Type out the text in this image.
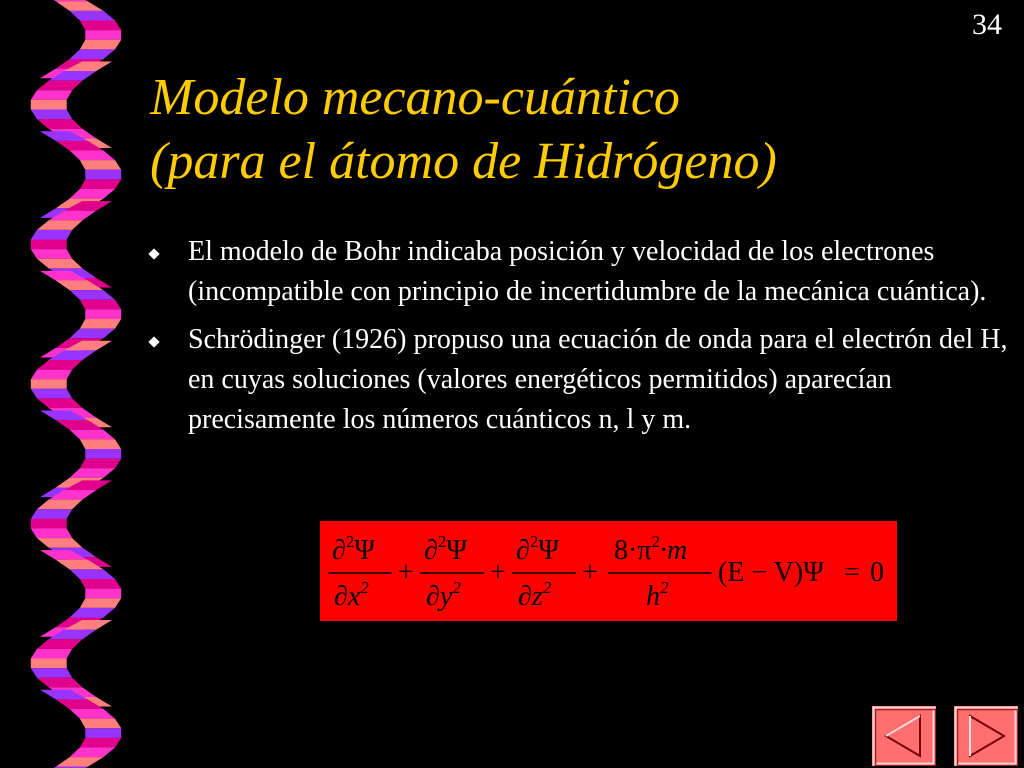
34
Modelo mecano-cuántico
(para el átomo de Hidrógeno)
El modelo de Bohr indicaba posición y velocidad de los electrones (incompatible con principio de incertidumbre de la mecánica cuántica).
Schrödinger (1926) propuso una ecuación de onda para el electrón del H, en cuyas soluciones (valores energéticos permitidos) aparecían precisamente los números cuánticos n, l y m.
∂$^2$Ψ
$\partial x^2$ +
∂$^2$Ψ
$\partial y^2$ +
∂$^2$Ψ
$\partial z^2$ +
$8\cdot\pi^2\cdot m$
$h^2$ (E − V)Ψ = 0
